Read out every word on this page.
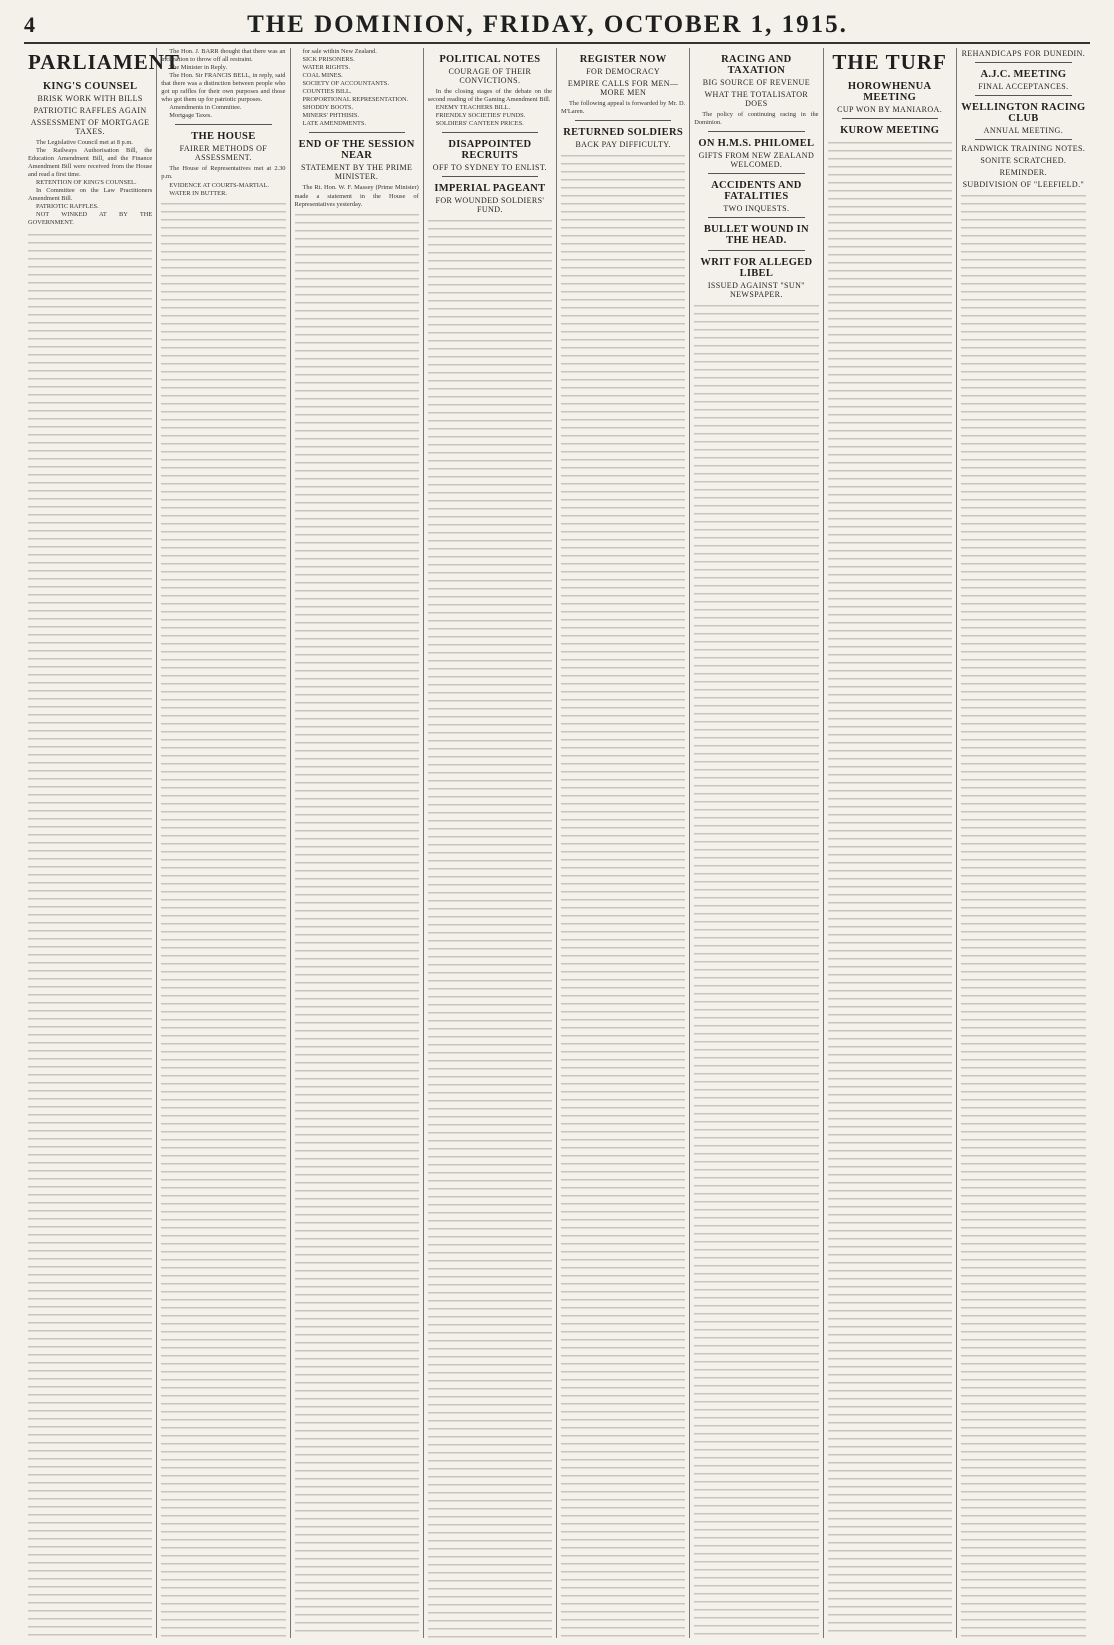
4	THE DOMINION, FRIDAY, OCTOBER 1, 1915.
PARLIAMENT
KING'S COUNSEL
BRISK WORK WITH BILLS
PATRIOTIC RAFFLES AGAIN
ASSESSMENT OF MORTGAGE TAXES.

The Legislative Council met at 8 p.m.

The Railways Authorisation Bill, the Education Amendment Bill, and the Finance Amendment Bill were received from the House and read a first time.

RETENTION OF KING'S COUNSEL.

In Committee on the Law Practitioners Amendment Bill.

PATRIOTIC RAFFLES.

NOT WINKED AT BY THE GOVERNMENT.

The Hon. J. BARR thought that there was an inclination to throw off all restraint.

The Minister in Reply.

The Hon. Sir FRANCIS BELL, in reply, said that there was a distinction between people who got up raffles for their own purposes and those who got them up for patriotic purposes.

Amendments in Committee.

Mortgage Taxes.

THE HOUSE
FAIRER METHODS OF ASSESSMENT.

The House of Representatives met at 2.30 p.m.

EVIDENCE AT COURTS-MARTIAL.

WATER IN BUTTER.

for sale within New Zealand.

SICK PRISONERS.

WATER RIGHTS.

COAL MINES.

SOCIETY OF ACCOUNTANTS.

COUNTIES BILL.

PROPORTIONAL REPRESENTATION.

SHODDY BOOTS.

MINERS' PHTHISIS.

LATE AMENDMENTS.

END OF THE SESSION NEAR
STATEMENT BY THE PRIME MINISTER.

The Rt. Hon. W. F. Massey (Prime Minister) made a statement in the House of Representatives yesterday.

POLITICAL NOTES
COURAGE OF THEIR CONVICTIONS.

In the closing stages of the debate on the second reading of the Gaming Amendment Bill.

ENEMY TEACHERS BILL.

FRIENDLY SOCIETIES' FUNDS.

SOLDIERS' CANTEEN PRICES.

DISAPPOINTED RECRUITS
OFF TO SYDNEY TO ENLIST.
IMPERIAL PAGEANT
FOR WOUNDED SOLDIERS' FUND.
REGISTER NOW
FOR DEMOCRACY
EMPIRE CALLS FOR MEN—MORE MEN

The following appeal is forwarded by Mr. D. M'Laren.

RETURNED SOLDIERS
BACK PAY DIFFICULTY.
RACING AND TAXATION
BIG SOURCE OF REVENUE
WHAT THE TOTALISATOR DOES

The policy of continuing racing in the Dominion.

ON H.M.S. PHILOMEL
GIFTS FROM NEW ZEALAND WELCOMED.
ACCIDENTS AND FATALITIES
TWO INQUESTS.
BULLET WOUND IN THE HEAD.
WRIT FOR ALLEGED LIBEL
ISSUED AGAINST "SUN" NEWSPAPER.
THE TURF
HOROWHENUA MEETING
CUP WON BY MANIAROA.
KUROW MEETING
REHANDICAPS FOR DUNEDIN.
A.J.C. MEETING
FINAL ACCEPTANCES.
WELLINGTON RACING CLUB
ANNUAL MEETING.
RANDWICK TRAINING NOTES.
SONITE SCRATCHED.
REMINDER.
SUBDIVISION OF "LEEFIELD."
